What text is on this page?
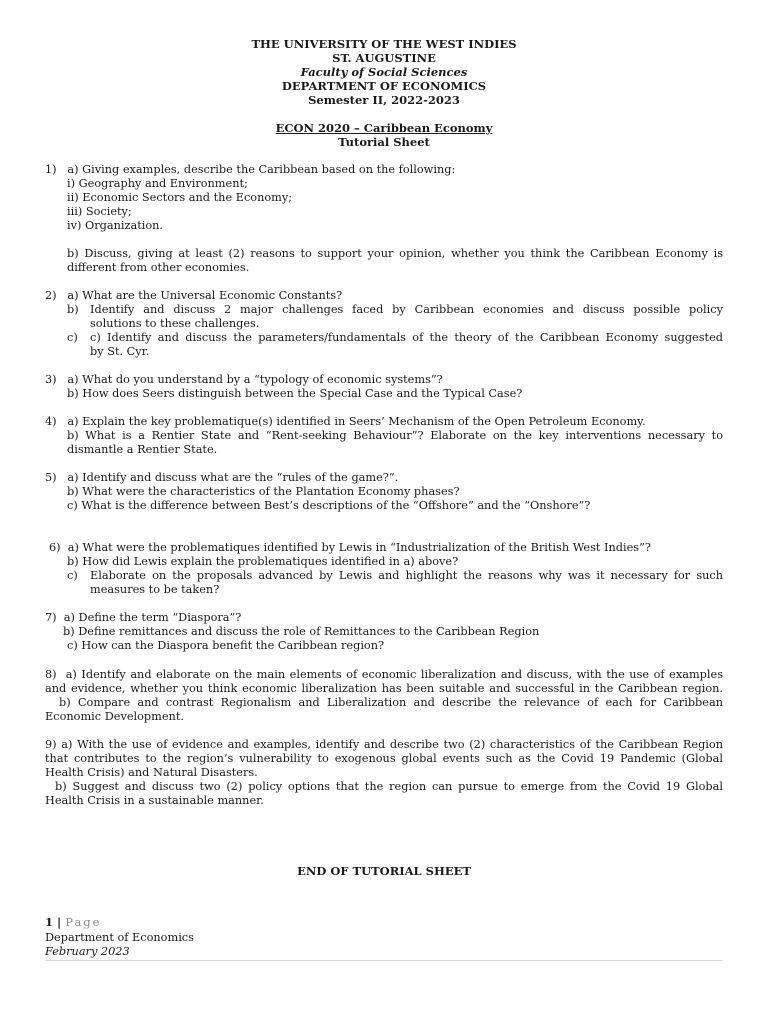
THE UNIVERSITY OF THE WEST INDIES
ST. AUGUSTINE
Faculty of Social Sciences
DEPARTMENT OF ECONOMICS
Semester II, 2022-2023
ECON 2020 – Caribbean Economy
Tutorial Sheet
1)   a) Giving examples, describe the Caribbean based on the following:
i) Geography and Environment;
ii) Economic Sectors and the Economy;
iii) Society;
iv) Organization.
b) Discuss, giving at least (2) reasons to support your opinion, whether you think the Caribbean Economy is
different from other economies.
2)   a) What are the Universal Economic Constants?
b) Identify and discuss 2 major challenges faced by Caribbean economies and discuss possible policy
solutions to these challenges.
c) c) Identify and discuss the parameters/fundamentals of the theory of the Caribbean Economy suggested
by St. Cyr.
3)   a) What do you understand by a “typology of economic systems”?
b) How does Seers distinguish between the Special Case and the Typical Case?
4)   a) Explain the key problematique(s) identified in Seers’ Mechanism of the Open Petroleum Economy.
b) What is a Rentier State and “Rent-seeking Behaviour”? Elaborate on the key interventions necessary to
dismantle a Rentier State.
5)   a) Identify and discuss what are the “rules of the game?”.
b) What were the characteristics of the Plantation Economy phases?
c) What is the difference between Best’s descriptions of the “Offshore” and the “Onshore”?
6)  a) What were the problematiques identified by Lewis in “Industrialization of the British West Indies”?
b) How did Lewis explain the problematiques identified in a) above?
c) Elaborate on the proposals advanced by Lewis and highlight the reasons why was it necessary for such
measures to be taken?
7)  a) Define the term “Diaspora”?
b) Define remittances and discuss the role of Remittances to the Caribbean Region
c) How can the Diaspora benefit the Caribbean region?
8)  a) Identify and elaborate on the main elements of economic liberalization and discuss, with the use of examples
and evidence, whether you think economic liberalization has been suitable and successful in the Caribbean region.
b) Compare and contrast Regionalism and Liberalization and describe the relevance of each for Caribbean
Economic Development.
9) a) With the use of evidence and examples, identify and describe two (2) characteristics of the Caribbean Region
that contributes to the region’s vulnerability to exogenous global events such as the Covid 19 Pandemic (Global
Health Crisis) and Natural Disasters.
b) Suggest and discuss two (2) policy options that the region can pursue to emerge from the Covid 19 Global
Health Crisis in a sustainable manner.
END OF TUTORIAL SHEET
1 | Page
Department of Economics
February 2023
